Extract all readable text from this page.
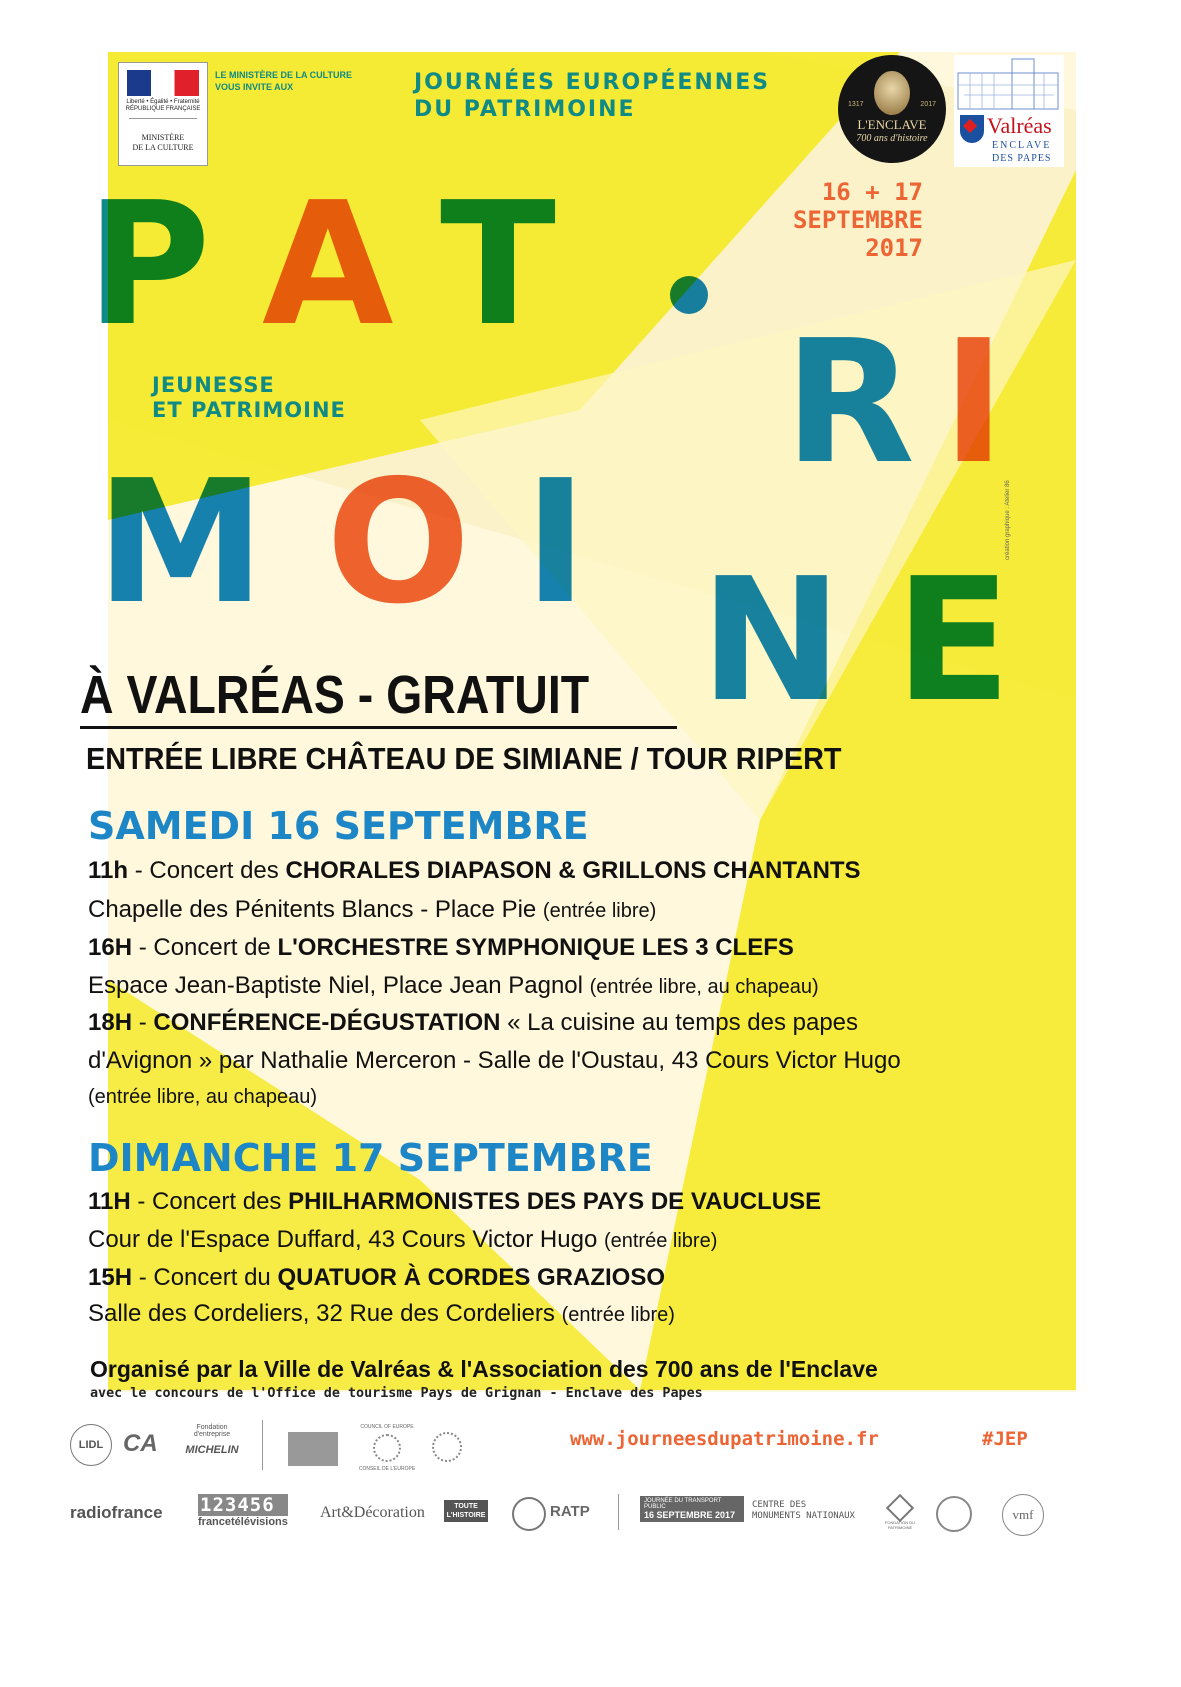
Liberté • Égalité • Fraternité RÉPUBLIQUE FRANÇAISE
MINISTÈRE
DE LA CULTURE
LE MINISTÈRE DE LA CULTURE
VOUS INVITE AUX	JOURNÉES EUROPÉENNES
DU PATRIMOINE	1317	2017
L'ENCLAVE
700 ans d'histoire
Valréas
ENCLAVE
DES PAPES
16 + 17
SEPTEMBRE
2017
P A T
R I
JEUNESSE
ET PATRIMOINE
M O I N E
création graphique : Atelier 86
À VALRÉAS - GRATUIT
ENTRÉE LIBRE CHÂTEAU DE SIMIANE / TOUR RIPERT
SAMEDI 16 SEPTEMBRE
11h - Concert des CHORALES DIAPASON & GRILLONS CHANTANTS
Chapelle des Pénitents Blancs - Place Pie (entrée libre)
16H - Concert de L'ORCHESTRE SYMPHONIQUE LES 3 CLEFS
Espace Jean-Baptiste Niel, Place Jean Pagnol (entrée libre, au chapeau)
18H - CONFÉRENCE-DÉGUSTATION « La cuisine au temps des papes
d'Avignon » par Nathalie Merceron - Salle de l'Oustau, 43 Cours Victor Hugo
(entrée libre, au chapeau)
DIMANCHE 17 SEPTEMBRE
11H - Concert des PHILHARMONISTES DES PAYS DE VAUCLUSE
Cour de l'Espace Duffard, 43 Cours Victor Hugo (entrée libre)
15H - Concert du QUATUOR À CORDES GRAZIOSO
Salle des Cordeliers, 32 Rue des Cordeliers (entrée libre)
Organisé par la Ville de Valréas & l'Association des 700 ans de l'Enclave
avec le concours de l'Office de tourisme Pays de Grignan - Enclave des Papes
LIDL CA
Fondation d'entreprise
MICHELIN
COUNCIL OF EUROPE
CONSEIL DE L'EUROPE
www.journeesdupatrimoine.fr	#JEP
radiofrance 123456
francetélévisions
Art&Décoration	TOUTE
L'HISTOIRE	RATP
JOURNÉE DU TRANSPORT PUBLIC
16 SEPTEMBRE 2017
CENTRE DES
MONUMENTS NATIONAUX
FONDATION DU PATRIMOINE
vmf
